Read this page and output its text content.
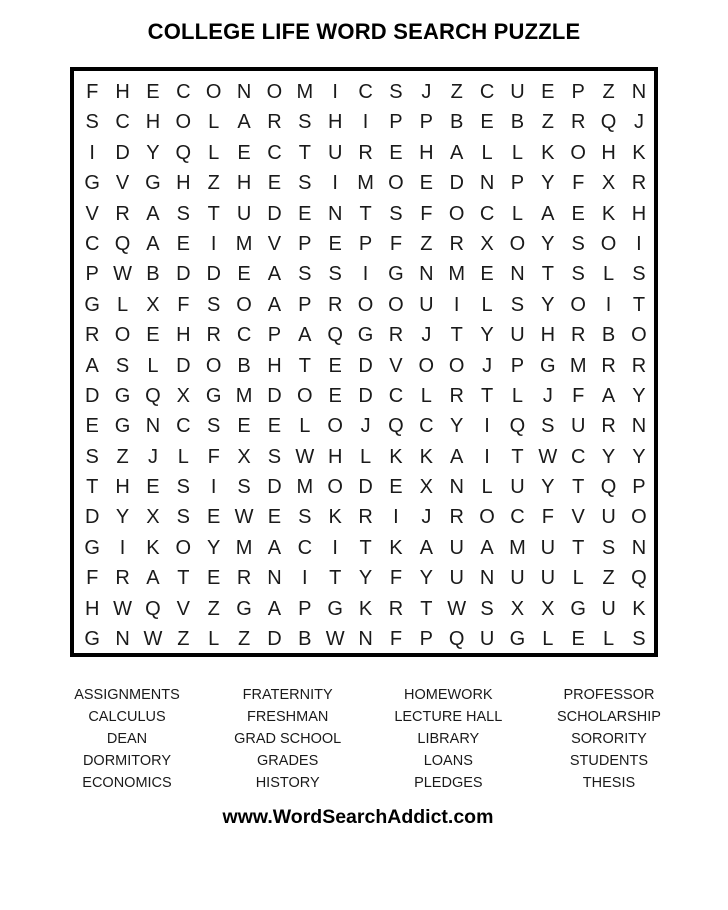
COLLEGE LIFE WORD SEARCH PUZZLE
F H E C O N O M I	C S J Z C U E P Z N
S C H O L A R S H	I	P P B E B Z R Q J
I	D Y Q L E C T U R E H A L L K O H K
G V G H Z H E S	I M O E D N P Y F X R
V R A S T U D E N T S F O C L A E K H
C Q A E	I M V P E P F Z R X O Y S O I
P W B D D E A S S	I G N M E N T S L S
G L X F S O A P R O O U	I	L S Y O I	T
R O E H R C P A Q G R J T Y U H R B O
A S L D O B H T E D V O O J P G M R R
D G Q X G M D O E D C L R T L J F A Y
E G N C S E E L O J Q C Y	I Q S U R N
S Z J L F X S W H L K K A	I	T W C Y Y
T H E S	I	S D M O D E X N L U Y T Q P
D Y X S E W E S K R	I	J R O C F V U O
G I	K O Y M A C	I	T K A U A M U T S N
F R A T E R N	I	T Y F Y U N U U L Z Q
H W Q V Z G A P G K R T W S X X G U K
G N W Z L Z D B W N F P Q U G L E L S
ASSIGNMENTS
CALCULUS
DEAN
DORMITORY
ECONOMICS
FRATERNITY
FRESHMAN
GRAD SCHOOL
GRADES
HISTORY
HOMEWORK
LECTURE HALL
LIBRARY
LOANS
PLEDGES
PROFESSOR
SCHOLARSHIP
SORORITY
STUDENTS
THESIS
www.WordSearchAddict.com
